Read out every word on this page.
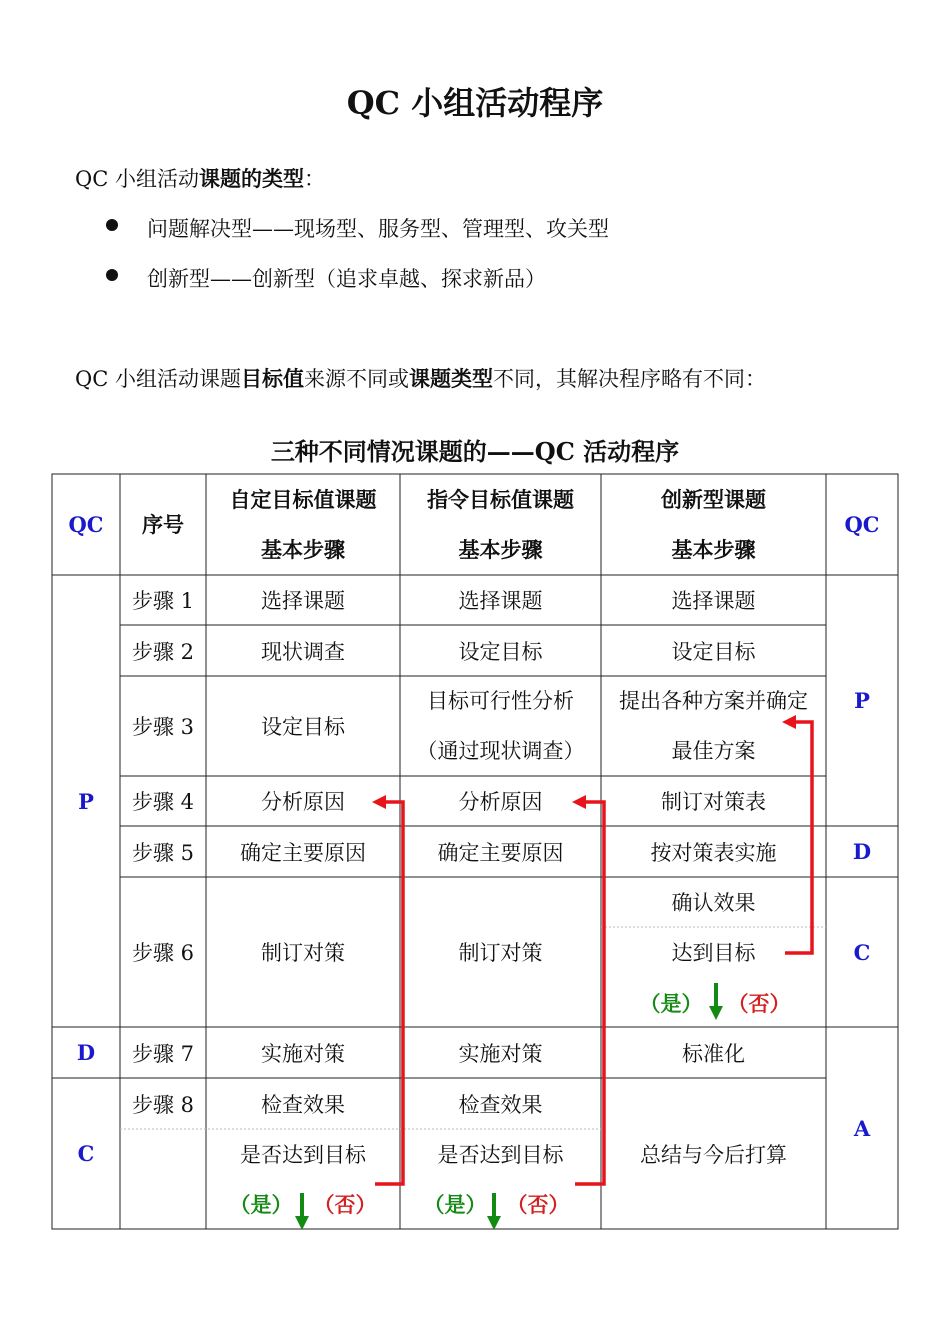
QC 小组活动程序
QC 小组活动课题的类型：
问题解决型——现场型、服务型、管理型、攻关型
创新型——创新型（追求卓越、探求新品）
QC 小组活动课题目标值来源不同或课题类型不同，其解决程序略有不同：
三种不同情况课题的——QC 活动程序
QC	序号
自定目标值课题
基本步骤
指令目标值课题
基本步骤
创新型课题
基本步骤
QC
P
D
C
步骤 1
步骤 2
步骤 3
步骤 4
步骤 5
步骤 6
步骤 7
步骤 8
选择课题
现状调查
设定目标
分析原因
确定主要原因
制订对策
实施对策
检查效果
是否达到目标
（是） （否）
选择课题
设定目标
目标可行性分析
（通过现状调查）
分析原因
确定主要原因
制订对策
实施对策
检查效果
是否达到目标
（是） （否）
选择课题
设定目标
提出各种方案并确定
最佳方案
制订对策表
按对策表实施
确认效果
达到目标
（是） （否）
标准化
总结与今后打算
P
D
C
A
